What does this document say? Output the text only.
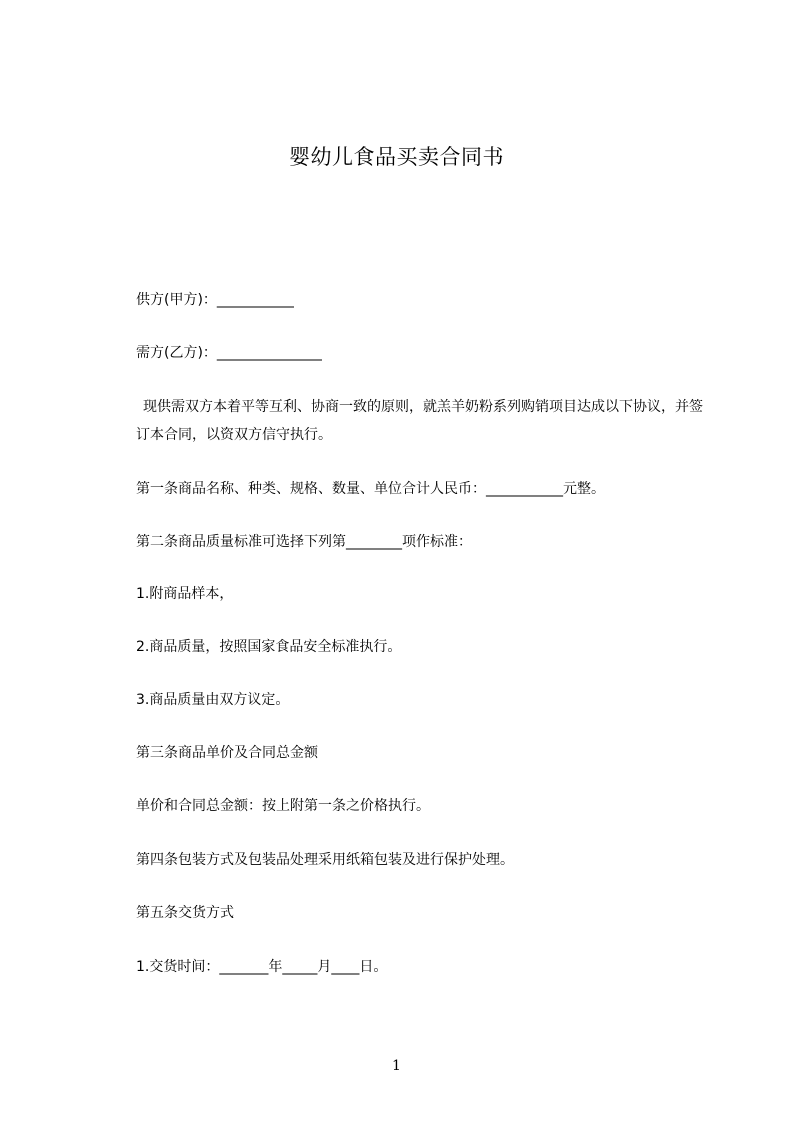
婴幼儿食品买卖合同书
供方(甲方)：___________
需方(乙方)：_______________
现供需双方本着平等互利、协商一致的原则，就羔羊奶粉系列购销项目达成以下协议，并签订本合同，以资双方信守执行。
第一条商品名称、种类、规格、数量、单位合计人民币：___________元整。
第二条商品质量标准可选择下列第________项作标准：
1.附商品样本，
2.商品质量，按照国家食品安全标准执行。
3.商品质量由双方议定。
第三条商品单价及合同总金额
单价和合同总金额：按上附第一条之价格执行。
第四条包装方式及包装品处理采用纸箱包装及进行保护处理。
第五条交货方式
1.交货时间：_______年_____月____日。
1
